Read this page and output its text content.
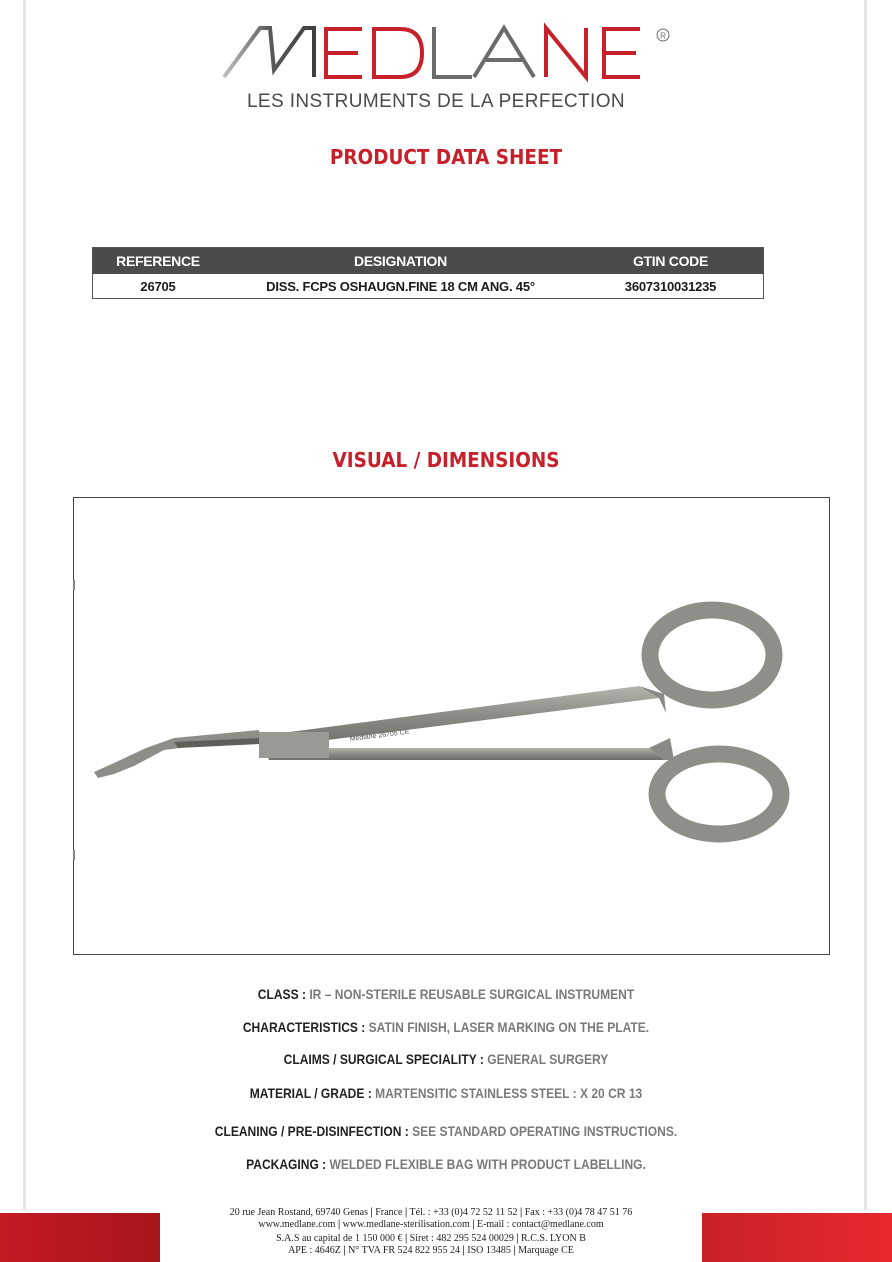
R
LES INSTRUMENTS DE LA PERFECTION
PRODUCT DATA SHEET
REFERENCE	DESIGNATION	GTIN CODE
26705	DISS. FCPS OSHAUGN.FINE 18 CM ANG. 45°	3607310031235
VISUAL / DIMENSIONS
Medlane 26705 CE
CLASS : IR – NON-STERILE REUSABLE SURGICAL INSTRUMENT
CHARACTERISTICS : SATIN FINISH, LASER MARKING ON THE PLATE.
CLAIMS / SURGICAL SPECIALITY : GENERAL SURGERY
MATERIAL / GRADE : MARTENSITIC STAINLESS STEEL : X 20 CR 13
CLEANING / PRE-DISINFECTION : SEE STANDARD OPERATING INSTRUCTIONS.
PACKAGING : WELDED FLEXIBLE BAG WITH PRODUCT LABELLING.
20 rue Jean Rostand, 69740 Genas | France | Tél. : +33 (0)4 72 52 11 52 | Fax : +33 (0)4 78 47 51 76
www.medlane.com | www.medlane-sterilisation.com | E-mail : contact@medlane.com
S.A.S au capital de 1 150 000 € | Siret : 482 295 524 00029 | R.C.S. LYON B
APE : 4646Z | N° TVA FR 524 822 955 24 | ISO 13485 | Marquage CE
